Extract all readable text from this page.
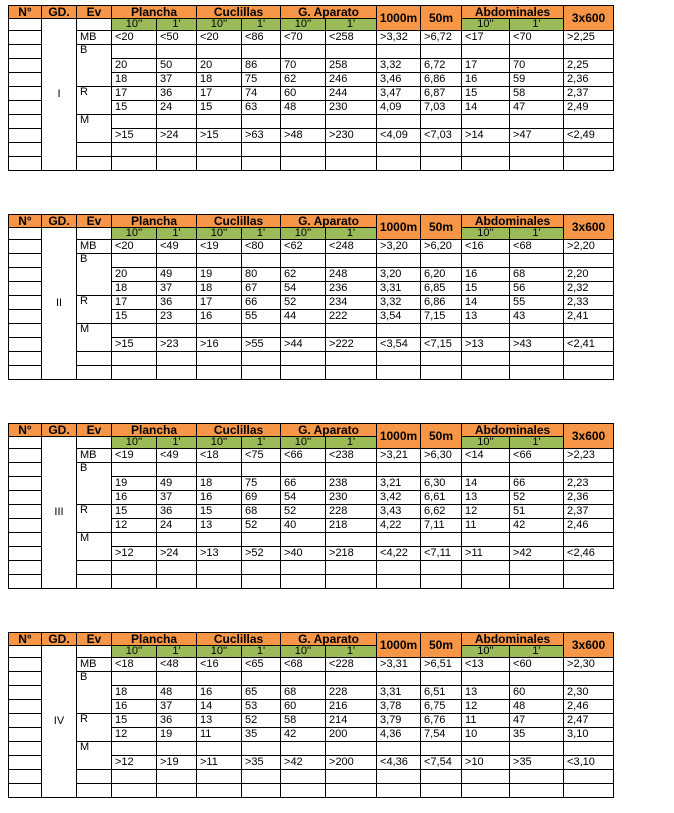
N°	GD.	Ev	Plancha		Cuclillas		G. Aparato		1000m	50m	Abdominales		3x600
	I		10''	1'	10''	1'	10''	1'			10''	1'	
		MB	<20	<50	<20	<86	<70	<258	>3,32	>6,72	<17	<70	>2,25
		B											
			20	50	20	86	70	258	3,32	6,72	17	70	2,25
			18	37	18	75	62	246	3,46	6,86	16	59	2,36
		R	17	36	17	74	60	244	3,47	6,87	15	58	2,37
			15	24	15	63	48	230	4,09	7,03	14	47	2,49
		M											
			>15	>24	>15	>63	>48	>230	<4,09	<7,03	>14	>47	<2,49

N°	GD.	Ev	Plancha		Cuclillas		G. Aparato		1000m	50m	Abdominales		3x600
	II		10''	1'	10''	1'	10''	1'			10''	1'	
		MB	<20	<49	<19	<80	<62	<248	>3,20	>6,20	<16	<68	>2,20
		B											
			20	49	19	80	62	248	3,20	6,20	16	68	2,20
			18	37	18	67	54	236	3,31	6,85	15	56	2,32
		R	17	36	17	66	52	234	3,32	6,86	14	55	2,33
			15	23	16	55	44	222	3,54	7,15	13	43	2,41
		M											
			>15	>23	>16	>55	>44	>222	<3,54	<7,15	>13	>43	<2,41

N°	GD.	Ev	Plancha		Cuclillas		G. Aparato		1000m	50m	Abdominales		3x600
	III		10''	1'	10''	1'	10''	1'			10''	1'	
		MB	<19	<49	<18	<75	<66	<238	>3,21	>6,30	<14	<66	>2,23
		B											
			19	49	18	75	66	238	3,21	6,30	14	66	2,23
			16	37	16	69	54	230	3,42	6,61	13	52	2,36
		R	15	36	15	68	52	228	3,43	6,62	12	51	2,37
			12	24	13	52	40	218	4,22	7,11	11	42	2,46
		M											
			>12	>24	>13	>52	>40	>218	<4,22	<7,11	>11	>42	<2,46

N°	GD.	Ev	Plancha		Cuclillas		G. Aparato		1000m	50m	Abdominales		3x600
	IV		10''	1'	10''	1'	10''	1'			10''	1'	
		MB	<18	<48	<16	<65	<68	<228	>3,31	>6,51	<13	<60	>2,30
		B											
			18	48	16	65	68	228	3,31	6,51	13	60	2,30
			16	37	14	53	60	216	3,78	6,75	12	48	2,46
		R	15	36	13	52	58	214	3,79	6,76	11	47	2,47
			12	19	11	35	42	200	4,36	7,54	10	35	3,10
		M											
			>12	>19	>11	>35	>42	>200	<4,36	<7,54	>10	>35	<3,10
